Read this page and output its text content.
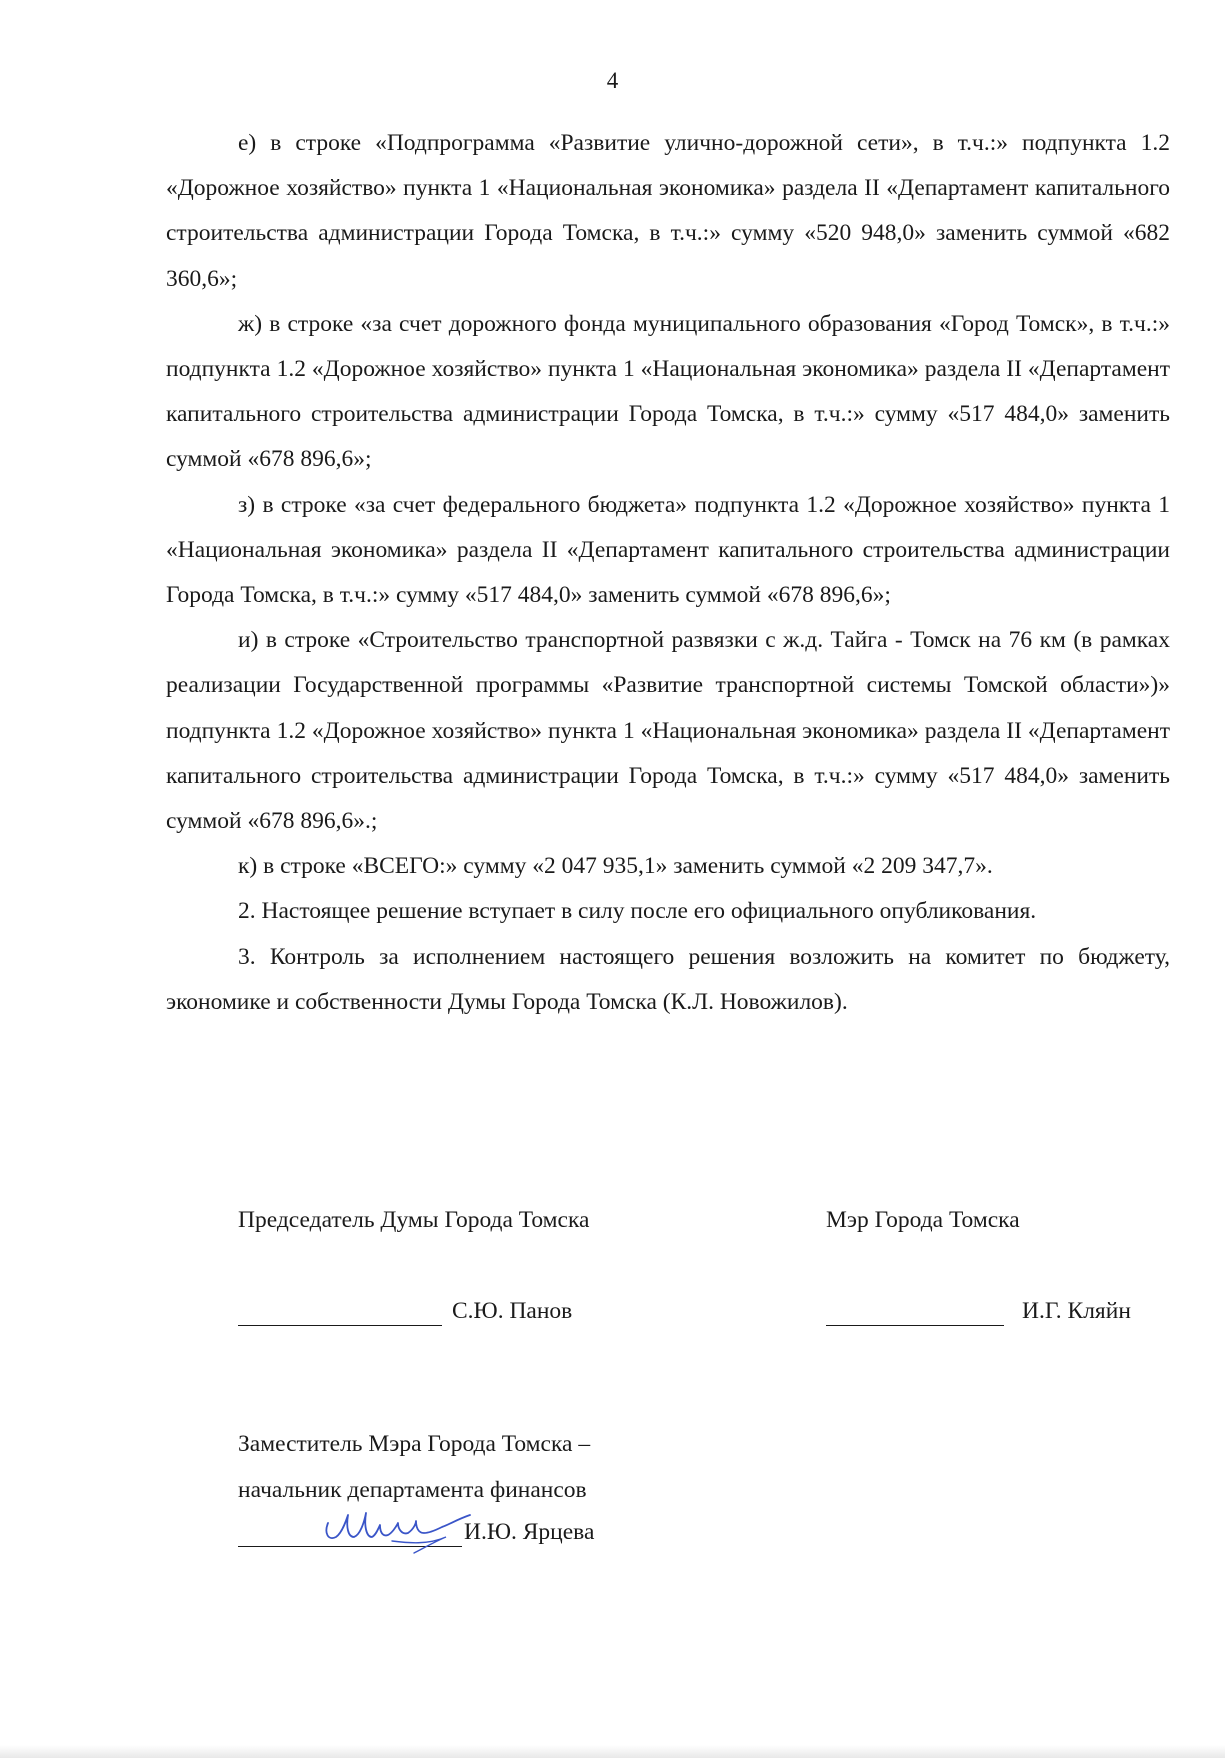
4

е) в строке «Подпрограмма «Развитие улично-дорожной сети», в т.ч.:» подпункта 1.2 «Дорожное хозяйство» пункта 1 «Национальная экономика» раздела II «Департамент капитального строительства администрации Города Томска, в т.ч.:» сумму «520 948,0» заменить суммой «682 360,6»;

ж) в строке «за счет дорожного фонда муниципального образования «Город Томск», в т.ч.:» подпункта 1.2 «Дорожное хозяйство» пункта 1 «Национальная экономика» раздела II «Департамент капитального строительства администрации Города Томска, в т.ч.:» сумму «517 484,0» заменить суммой «678 896,6»;

з) в строке «за счет федерального бюджета» подпункта 1.2 «Дорожное хозяйство» пункта 1 «Национальная экономика» раздела II «Департамент капитального строительства администрации Города Томска, в т.ч.:» сумму «517 484,0» заменить суммой «678 896,6»;

и) в строке «Строительство транспортной развязки с ж.д. Тайга - Томск на 76 км (в рамках реализации Государственной программы «Развитие транспортной системы Томской области»)» подпункта 1.2 «Дорожное хозяйство» пункта 1 «Национальная экономика» раздела II «Департамент капитального строительства администрации Города Томска, в т.ч.:» сумму «517 484,0» заменить суммой «678 896,6».;

к) в строке «ВСЕГО:» сумму «2 047 935,1» заменить суммой «2 209 347,7».

2. Настоящее решение вступает в силу после его официального опубликования.

3. Контроль за исполнением настоящего решения возложить на комитет по бюджету, экономике и собственности Думы Города Томска (К.Л. Новожилов).

Председатель Думы Города Томска
С.Ю. Панов
Мэр Города Томска
И.Г. Кляйн
Заместитель Мэра Города Томска –
начальник департамента финансов
И.Ю. Ярцева
